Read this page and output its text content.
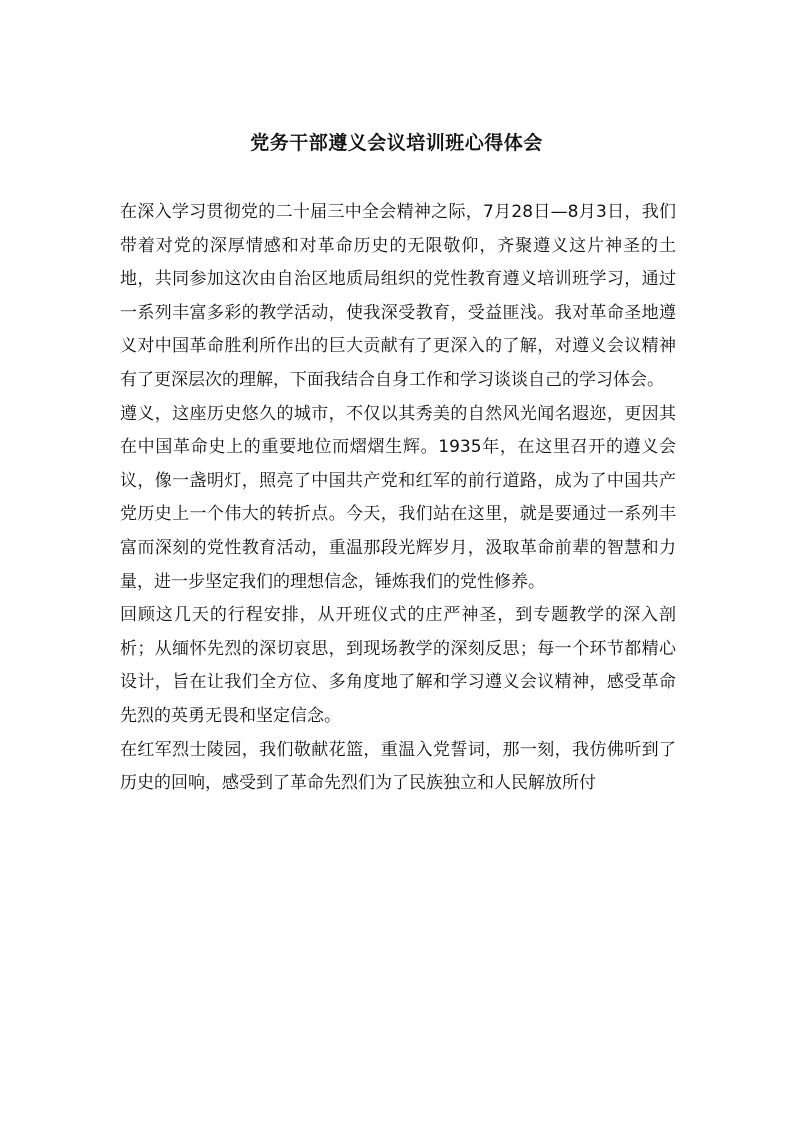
党务干部遵义会议培训班心得体会

在深入学习贯彻党的二十届三中全会精神之际，7月28日—8月3日，我们带着对党的深厚情感和对革命历史的无限敬仰，齐聚遵义这片神圣的土地，共同参加这次由自治区地质局组织的党性教育遵义培训班学习，通过一系列丰富多彩的教学活动，使我深受教育，受益匪浅。我对革命圣地遵义对中国革命胜利所作出的巨大贡献有了更深入的了解，对遵义会议精神有了更深层次的理解，下面我结合自身工作和学习谈谈自己的学习体会。

遵义，这座历史悠久的城市，不仅以其秀美的自然风光闻名遐迩，更因其在中国革命史上的重要地位而熠熠生辉。1935年，在这里召开的遵义会议，像一盏明灯，照亮了中国共产党和红军的前行道路，成为了中国共产党历史上一个伟大的转折点。今天，我们站在这里，就是要通过一系列丰富而深刻的党性教育活动，重温那段光辉岁月，汲取革命前辈的智慧和力量，进一步坚定我们的理想信念，锤炼我们的党性修养。

回顾这几天的行程安排，从开班仪式的庄严神圣，到专题教学的深入剖析；从缅怀先烈的深切哀思，到现场教学的深刻反思；每一个环节都精心设计，旨在让我们全方位、多角度地了解和学习遵义会议精神，感受革命先烈的英勇无畏和坚定信念。

在红军烈士陵园，我们敬献花篮，重温入党誓词，那一刻，我仿佛听到了历史的回响，感受到了革命先烈们为了民族独立和人民解放所付
